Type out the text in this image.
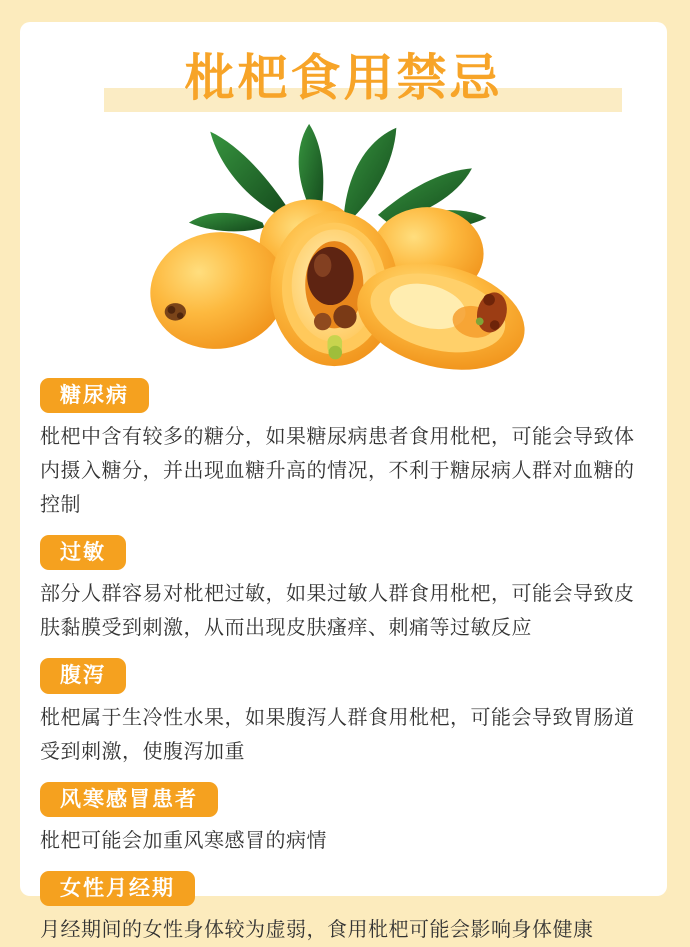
枇杷食用禁忌
糖尿病

枇杷中含有较多的糖分，如果糖尿病患者食用枇杷，可能会导致体内摄入糖分，并出现血糖升高的情况，不利于糖尿病人群对血糖的控制

过敏

部分人群容易对枇杷过敏，如果过敏人群食用枇杷，可能会导致皮肤黏膜受到刺激，从而出现皮肤瘙痒、刺痛等过敏反应

腹泻

枇杷属于生冷性水果，如果腹泻人群食用枇杷，可能会导致胃肠道受到刺激，使腹泻加重

风寒感冒患者

枇杷可能会加重风寒感冒的病情

女性月经期

月经期间的女性身体较为虚弱，食用枇杷可能会影响身体健康
